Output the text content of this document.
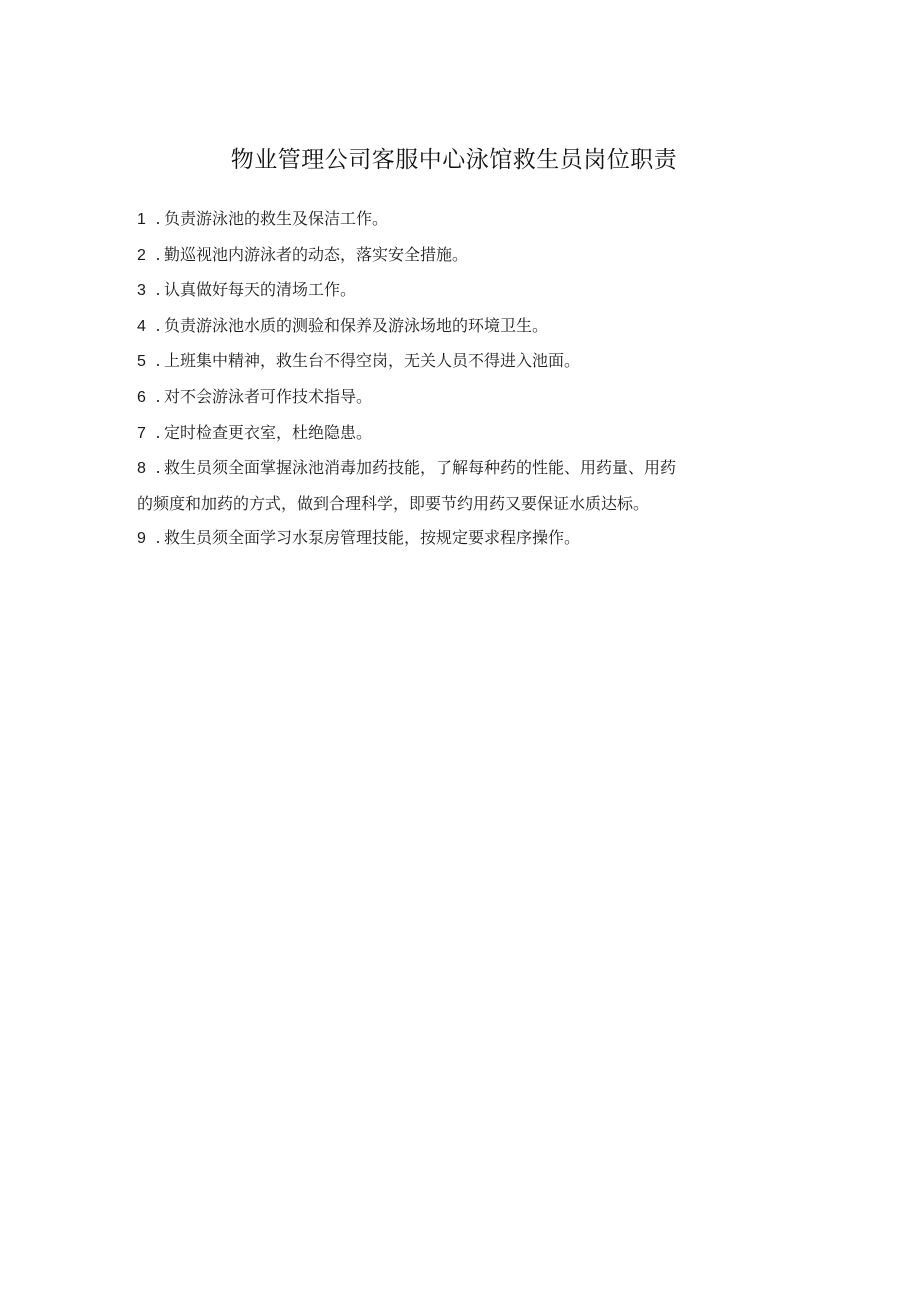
物业管理公司客服中心泳馆救生员岗位职责
1 . 负责游泳池的救生及保洁工作。
2 . 勤巡视池内游泳者的动态，落实安全措施。
3 . 认真做好每天的清场工作。
4 . 负责游泳池水质的测验和保养及游泳场地的环境卫生。
5 . 上班集中精神，救生台不得空岗，无关人员不得进入池面。
6 . 对不会游泳者可作技术指导。
7 . 定时检查更衣室，杜绝隐患。
8 . 救生员须全面掌握泳池消毒加药技能，了解每种药的性能、用药量、用药
的频度和加药的方式，做到合理科学，即要节约用药又要保证水质达标。
9 . 救生员须全面学习水泵房管理技能，按规定要求程序操作。
